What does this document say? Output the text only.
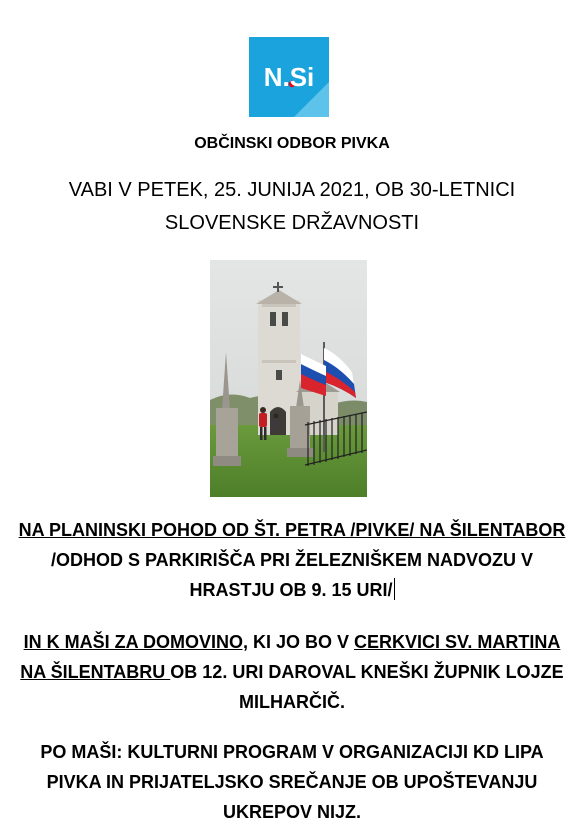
N.Si
OBČINSKI ODBOR PIVKA
VABI V PETEK, 25. JUNIJA 2021, OB 30-LETNICI
SLOVENSKE DRŽAVNOSTI
NA PLANINSKI POHOD OD ŠT. PETRA /PIVKE/ NA ŠILENTABOR /ODHOD S PARKIRIŠČA PRI ŽELEZNIŠKEM NADVOZU V HRASTJU OB 9. 15 URI/
IN K MAŠI ZA DOMOVINO, KI JO BO V CERKVICI SV. MARTINA NA ŠILENTABRU OB 12. URI DAROVAL KNEŠKI ŽUPNIK LOJZE MILHARČIČ.
PO MAŠI: KULTURNI PROGRAM V ORGANIZACIJI KD LIPA PIVKA IN PRIJATELJSKO SREČANJE OB UPOŠTEVANJU UKREPOV NIJZ.
